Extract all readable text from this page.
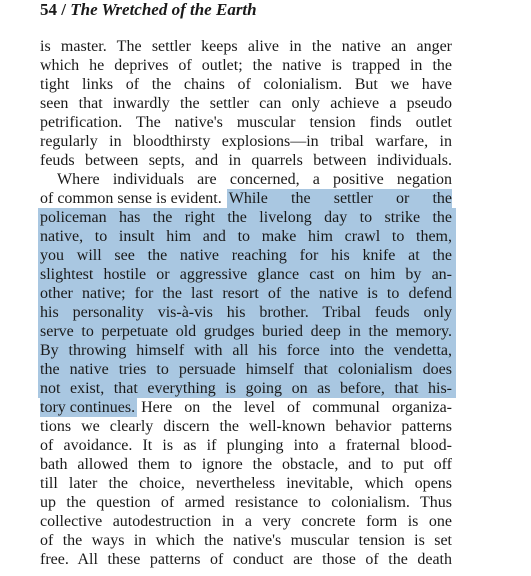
54 / The Wretched of the Earth
is master. The settler keeps alive in the native an anger
which he deprives of outlet; the native is trapped in the
tight links of the chains of colonialism. But we have
seen that inwardly the settler can only achieve a pseudo
petrification. The native's muscular tension finds outlet
regularly in bloodthirsty explosions—in tribal warfare, in
feuds between septs, and in quarrels between individuals.
Where individuals are concerned, a positive negation
of common sense is evident. While the settler or the
policeman has the right the livelong day to strike the
native, to insult him and to make him crawl to them,
you will see the native reaching for his knife at the
slightest hostile or aggressive glance cast on him by an-
other native; for the last resort of the native is to defend
his personality vis-à-vis his brother. Tribal feuds only
serve to perpetuate old grudges buried deep in the memory.
By throwing himself with all his force into the vendetta,
the native tries to persuade himself that colonialism does
not exist, that everything is going on as before, that his-
tory continues. Here on the level of communal organiza-
tions we clearly discern the well-known behavior patterns
of avoidance. It is as if plunging into a fraternal blood-
bath allowed them to ignore the obstacle, and to put off
till later the choice, nevertheless inevitable, which opens
up the question of armed resistance to colonialism. Thus
collective autodestruction in a very concrete form is one
of the ways in which the native's muscular tension is set
free. All these patterns of conduct are those of the death
